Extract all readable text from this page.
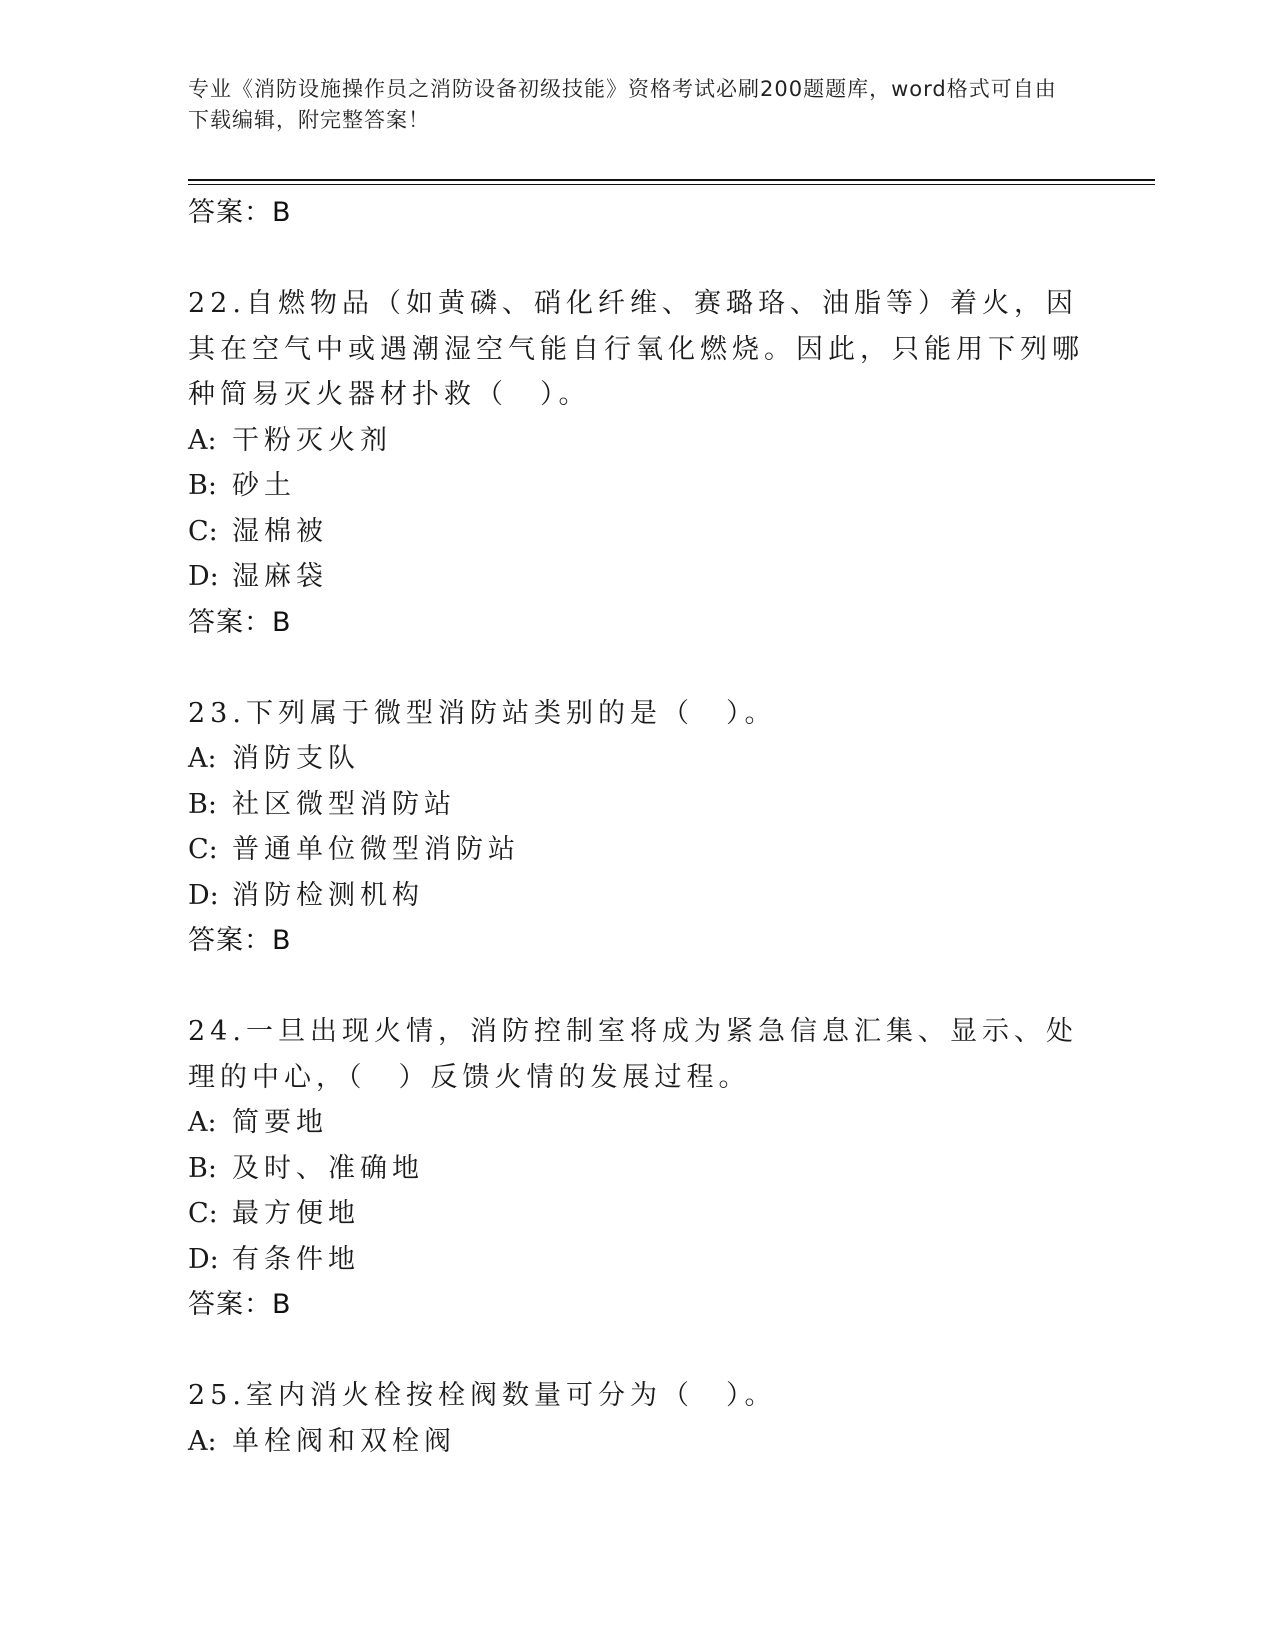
专业《消防设施操作员之消防设备初级技能》资格考试必刷200题题库，word格式可自由下载编辑，附完整答案！
答案：B

22.自燃物品（如黄磷、硝化纤维、赛璐珞、油脂等）着火，因其在空气中或遇潮湿空气能自行氧化燃烧。因此，只能用下列哪种简易灭火器材扑救（　）。

A: 干粉灭火剂
B: 砂土
C: 湿棉被
D: 湿麻袋
答案：B

23.下列属于微型消防站类别的是（　）。

A: 消防支队
B: 社区微型消防站
C: 普通单位微型消防站
D: 消防检测机构
答案：B

24.一旦出现火情，消防控制室将成为紧急信息汇集、显示、处理的中心，（　）反馈火情的发展过程。

A: 简要地
B: 及时、准确地
C: 最方便地
D: 有条件地
答案：B

25.室内消火栓按栓阀数量可分为（　）。

A: 单栓阀和双栓阀
